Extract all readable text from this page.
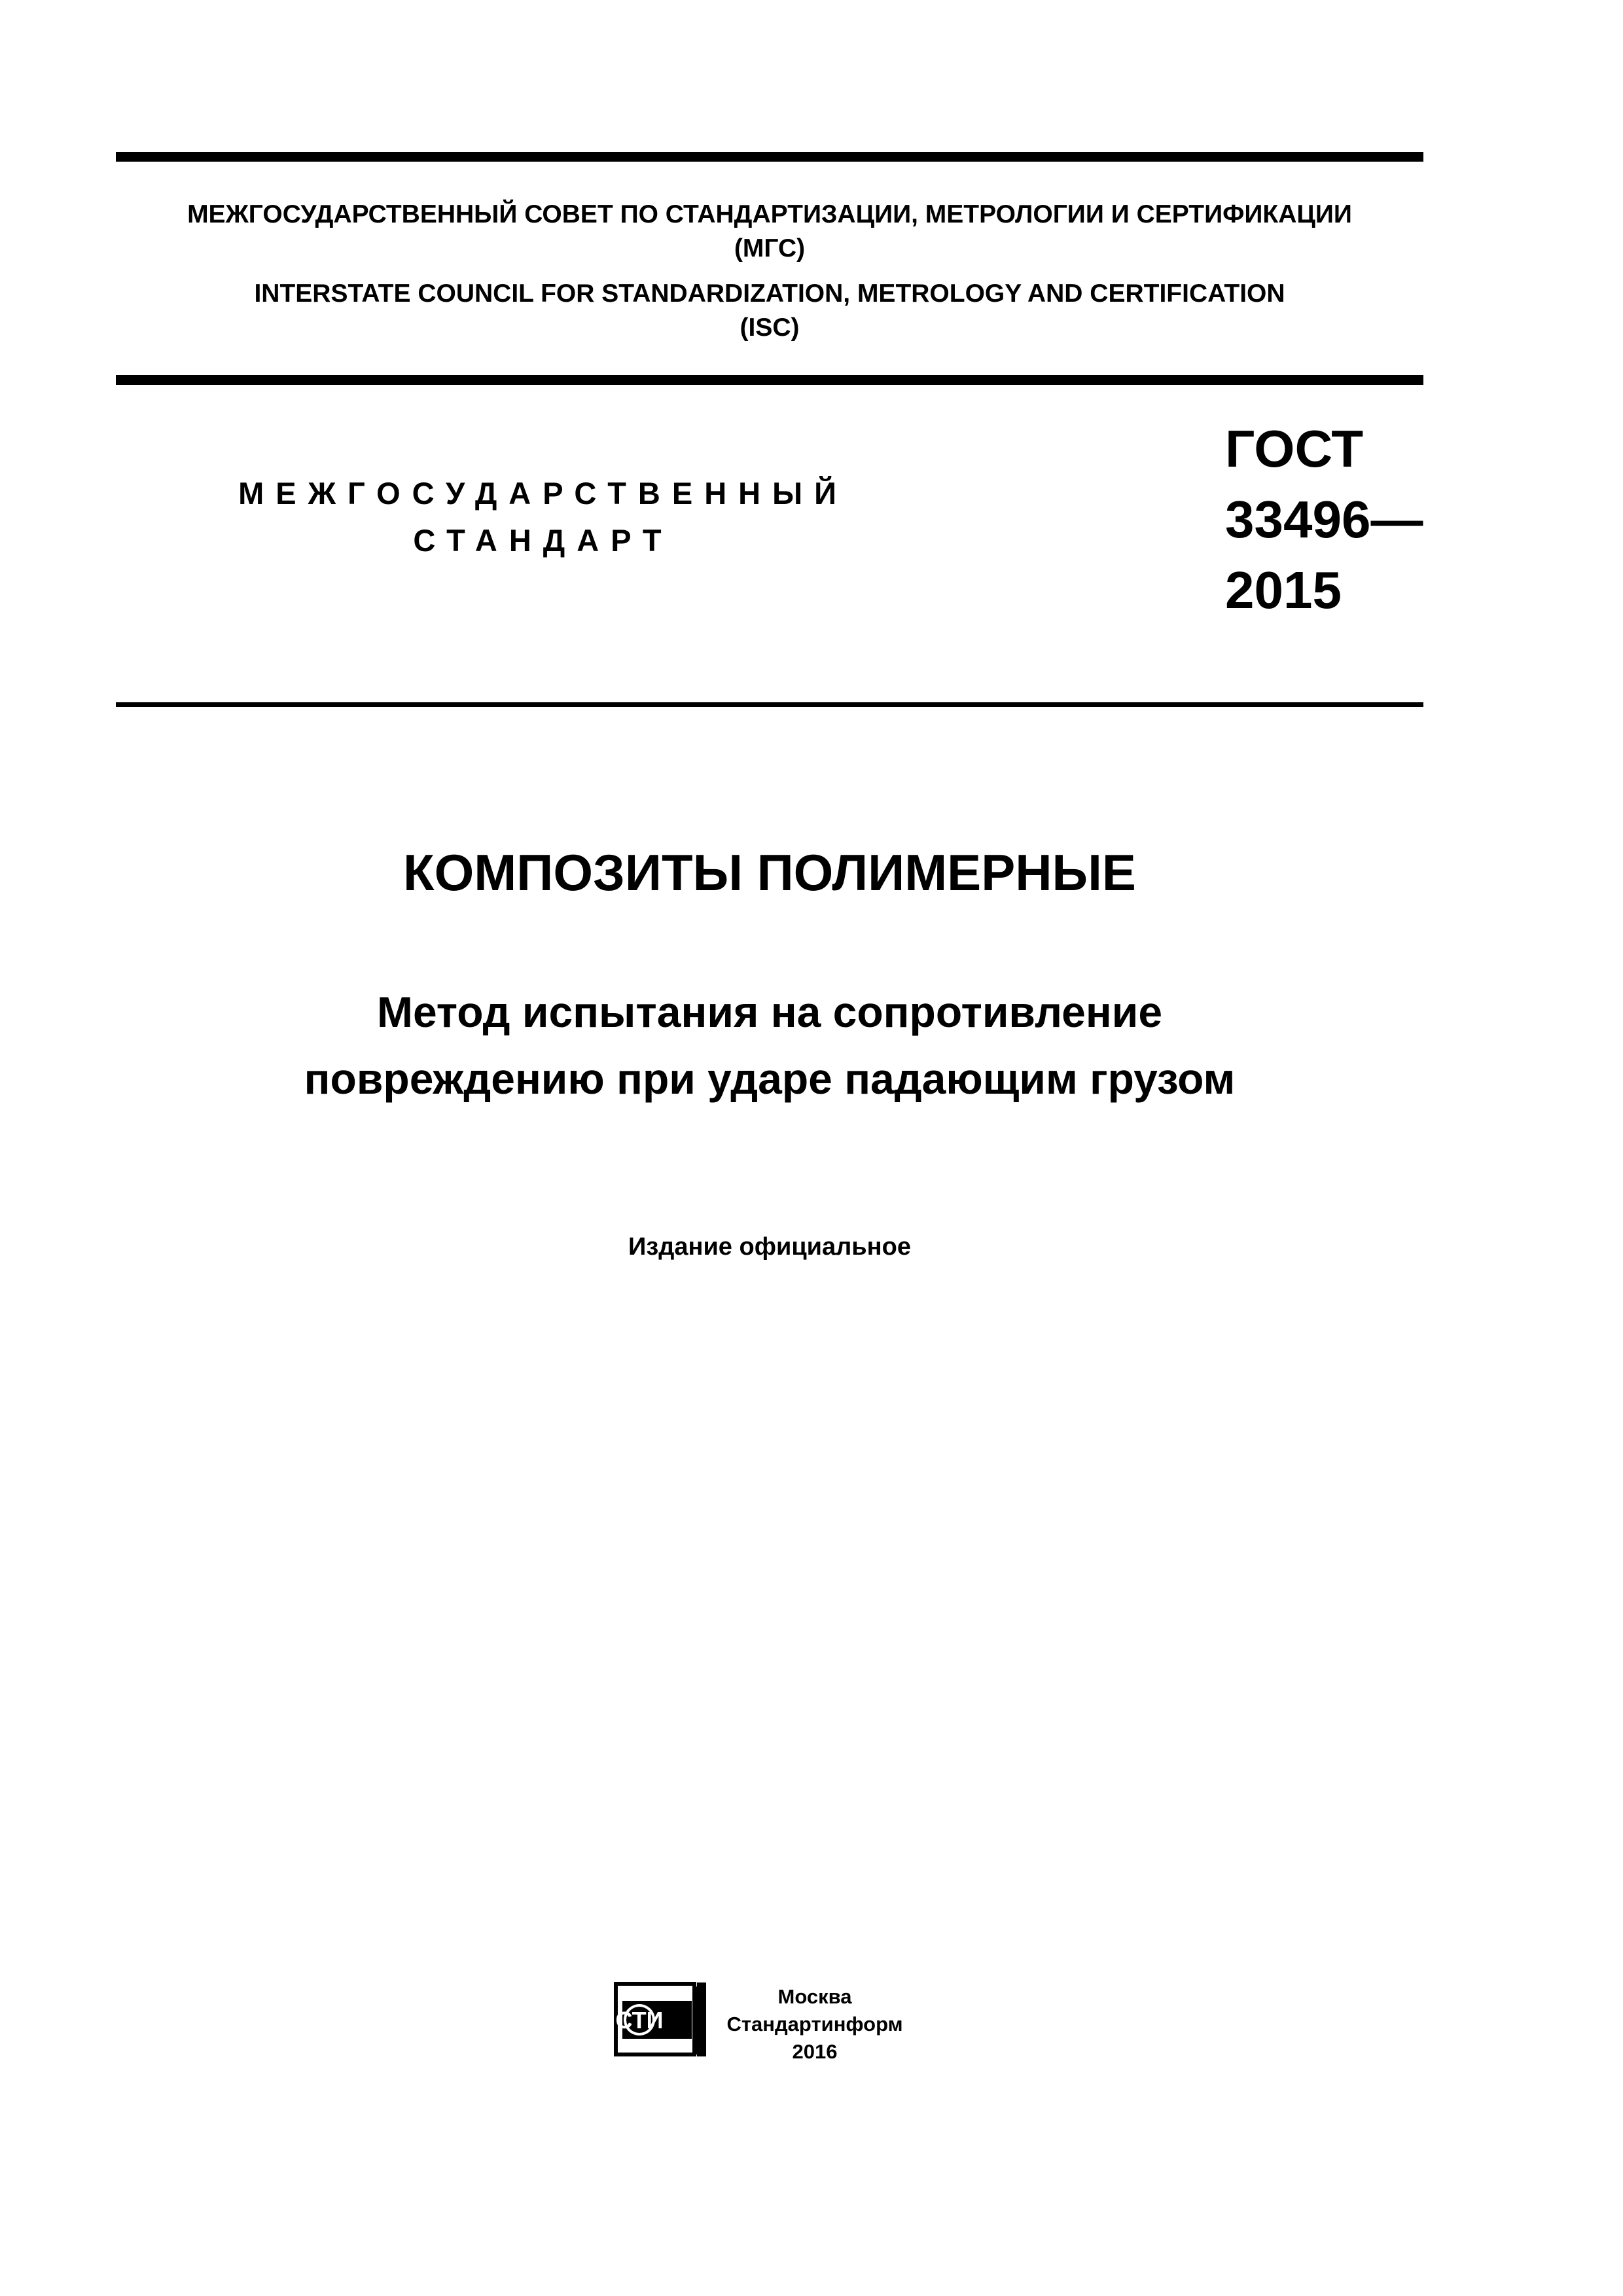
МЕЖГОСУДАРСТВЕННЫЙ СОВЕТ ПО СТАНДАРТИЗАЦИИ, МЕТРОЛОГИИ И СЕРТИФИКАЦИИ
(МГС)
INTERSTATE COUNCIL FOR STANDARDIZATION, METROLOGY AND CERTIFICATION
(ISC)
МЕЖГОСУДАРСТВЕННЫЙ
СТАНДАРТ
ГОСТ
33496—
2015
КОМПОЗИТЫ ПОЛИМЕРНЫЕ
Метод испытания на сопротивление
повреждению при ударе падающим грузом
Издание официальное
СТИ
Москва
Стандартинформ
2016
